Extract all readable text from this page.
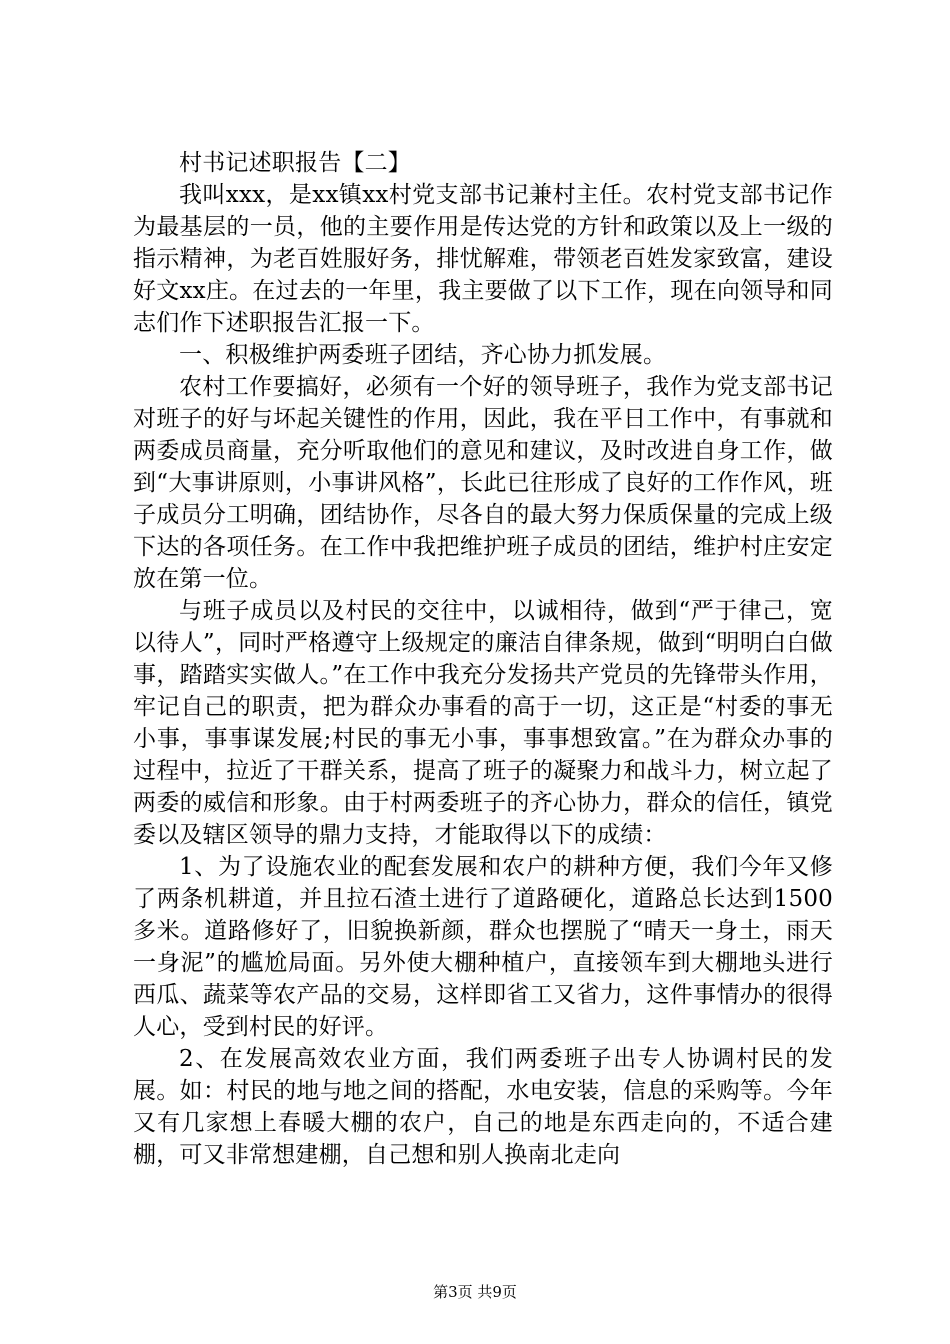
村书记述职报告【二】

我叫xxx，是xx镇xx村党支部书记兼村主任。农村党支部书记作为最基层的一员，他的主要作用是传达党的方针和政策以及上一级的指示精神，为老百姓服好务，排忧解难，带领老百姓发家致富，建设好文xx庄。在过去的一年里，我主要做了以下工作，现在向领导和同志们作下述职报告汇报一下。

一、积极维护两委班子团结，齐心协力抓发展。

农村工作要搞好，必须有一个好的领导班子，我作为党支部书记对班子的好与坏起关键性的作用，因此，我在平日工作中，有事就和两委成员商量，充分听取他们的意见和建议，及时改进自身工作，做到“大事讲原则，小事讲风格”，长此已往形成了良好的工作作风，班子成员分工明确，团结协作，尽各自的最大努力保质保量的完成上级下达的各项任务。在工作中我把维护班子成员的团结，维护村庄安定放在第一位。

与班子成员以及村民的交往中，以诚相待，做到“严于律己，宽以待人”，同时严格遵守上级规定的廉洁自律条规，做到“明明白白做事，踏踏实实做人。”在工作中我充分发扬共产党员的先锋带头作用，牢记自己的职责，把为群众办事看的高于一切，这正是“村委的事无小事，事事谋发展;村民的事无小事，事事想致富。”在为群众办事的过程中，拉近了干群关系，提高了班子的凝聚力和战斗力，树立起了两委的威信和形象。由于村两委班子的齐心协力，群众的信任，镇党委以及辖区领导的鼎力支持，才能取得以下的成绩：

1、为了设施农业的配套发展和农户的耕种方便，我们今年又修了两条机耕道，并且拉石渣土进行了道路硬化，道路总长达到1500多米。道路修好了，旧貌换新颜，群众也摆脱了“晴天一身土，雨天一身泥”的尴尬局面。另外使大棚种植户，直接领车到大棚地头进行西瓜、蔬菜等农产品的交易，这样即省工又省力，这件事情办的很得人心，受到村民的好评。

2、在发展高效农业方面，我们两委班子出专人协调村民的发展。如：村民的地与地之间的搭配，水电安装，信息的采购等。今年又有几家想上春暖大棚的农户，自己的地是东西走向的，不适合建棚，可又非常想建棚，自己想和别人换南北走向

第3页 共9页
